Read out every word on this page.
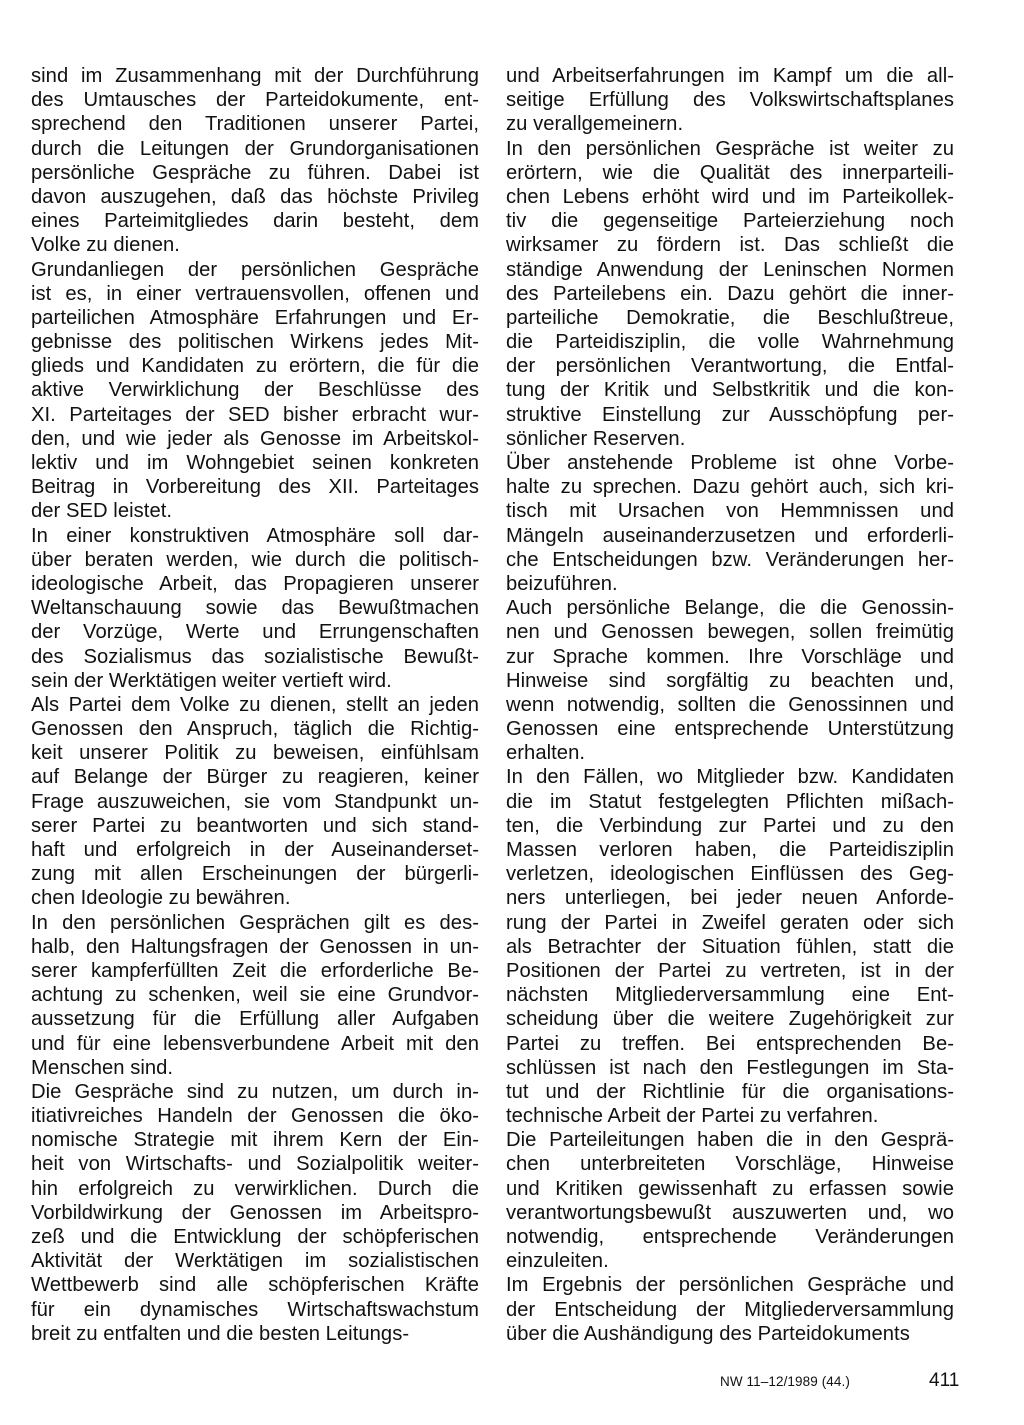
sind im Zusammenhang mit der Durchführung
des Umtausches der Parteidokumente, ent-
sprechend den Traditionen unserer Partei,
durch die Leitungen der Grundorganisationen
persönliche Gespräche zu führen. Dabei ist
davon auszugehen, daß das höchste Privileg
eines Parteimitgliedes darin besteht, dem
Volke zu dienen.

Grundanliegen der persönlichen Gespräche
ist es, in einer vertrauensvollen, offenen und
parteilichen Atmosphäre Erfahrungen und Er-
gebnisse des politischen Wirkens jedes Mit-
glieds und Kandidaten zu erörtern, die für die
aktive Verwirklichung der Beschlüsse des
XI. Parteitages der SED bisher erbracht wur-
den, und wie jeder als Genosse im Arbeitskol-
lektiv und im Wohngebiet seinen konkreten
Beitrag in Vorbereitung des XII. Parteitages
der SED leistet.

In einer konstruktiven Atmosphäre soll dar-
über beraten werden, wie durch die politisch-
ideologische Arbeit, das Propagieren unserer
Weltanschauung sowie das Bewußtmachen
der Vorzüge, Werte und Errungenschaften
des Sozialismus das sozialistische Bewußt-
sein der Werktätigen weiter vertieft wird.

Als Partei dem Volke zu dienen, stellt an jeden
Genossen den Anspruch, täglich die Richtig-
keit unserer Politik zu beweisen, einfühlsam
auf Belange der Bürger zu reagieren, keiner
Frage auszuweichen, sie vom Standpunkt un-
serer Partei zu beantworten und sich stand-
haft und erfolgreich in der Auseinanderset-
zung mit allen Erscheinungen der bürgerli-
chen Ideologie zu bewähren.

In den persönlichen Gesprächen gilt es des-
halb, den Haltungsfragen der Genossen in un-
serer kampferfüllten Zeit die erforderliche Be-
achtung zu schenken, weil sie eine Grundvor-
aussetzung für die Erfüllung aller Aufgaben
und für eine lebensverbundene Arbeit mit den
Menschen sind.

Die Gespräche sind zu nutzen, um durch in-
itiativreiches Handeln der Genossen die öko-
nomische Strategie mit ihrem Kern der Ein-
heit von Wirtschafts- und Sozialpolitik weiter-
hin erfolgreich zu verwirklichen. Durch die
Vorbildwirkung der Genossen im Arbeitspro-
zeß und die Entwicklung der schöpferischen
Aktivität der Werktätigen im sozialistischen
Wettbewerb sind alle schöpferischen Kräfte
für ein dynamisches Wirtschaftswachstum
breit zu entfalten und die besten Leitungs-

und Arbeitserfahrungen im Kampf um die all-
seitige Erfüllung des Volkswirtschaftsplanes
zu verallgemeinern.

In den persönlichen Gespräche ist weiter zu
erörtern, wie die Qualität des innerparteili-
chen Lebens erhöht wird und im Parteikollek-
tiv die gegenseitige Parteierziehung noch
wirksamer zu fördern ist. Das schließt die
ständige Anwendung der Leninschen Normen
des Parteilebens ein. Dazu gehört die inner-
parteiliche Demokratie, die Beschlußtreue,
die Parteidisziplin, die volle Wahrnehmung
der persönlichen Verantwortung, die Entfal-
tung der Kritik und Selbstkritik und die kon-
struktive Einstellung zur Ausschöpfung per-
sönlicher Reserven.

Über anstehende Probleme ist ohne Vorbe-
halte zu sprechen. Dazu gehört auch, sich kri-
tisch mit Ursachen von Hemmnissen und
Mängeln auseinanderzusetzen und erforderli-
che Entscheidungen bzw. Veränderungen her-
beizuführen.

Auch persönliche Belange, die die Genossin-
nen und Genossen bewegen, sollen freimütig
zur Sprache kommen. Ihre Vorschläge und
Hinweise sind sorgfältig zu beachten und,
wenn notwendig, sollten die Genossinnen und
Genossen eine entsprechende Unterstützung
erhalten.

In den Fällen, wo Mitglieder bzw. Kandidaten
die im Statut festgelegten Pflichten mißach-
ten, die Verbindung zur Partei und zu den
Massen verloren haben, die Parteidisziplin
verletzen, ideologischen Einflüssen des Geg-
ners unterliegen, bei jeder neuen Anforde-
rung der Partei in Zweifel geraten oder sich
als Betrachter der Situation fühlen, statt die
Positionen der Partei zu vertreten, ist in der
nächsten Mitgliederversammlung eine Ent-
scheidung über die weitere Zugehörigkeit zur
Partei zu treffen. Bei entsprechenden Be-
schlüssen ist nach den Festlegungen im Sta-
tut und der Richtlinie für die organisations-
technische Arbeit der Partei zu verfahren.

Die Parteileitungen haben die in den Gesprä-
chen unterbreiteten Vorschläge, Hinweise
und Kritiken gewissenhaft zu erfassen sowie
verantwortungsbewußt auszuwerten und, wo
notwendig, entsprechende Veränderungen
einzuleiten.

Im Ergebnis der persönlichen Gespräche und
der Entscheidung der Mitgliederversammlung
über die Aushändigung des Parteidokuments

NW 11–12/1989 (44.)	411
